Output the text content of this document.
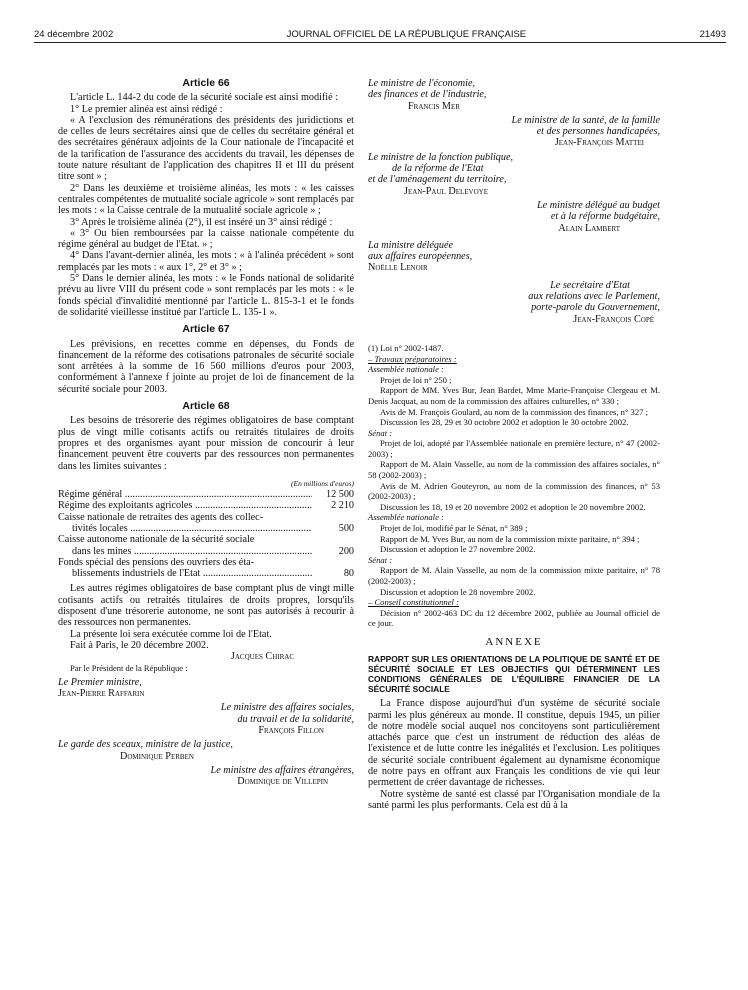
24 décembre 2002	JOURNAL OFFICIEL DE LA RÉPUBLIQUE FRANÇAISE	21493
Article 66

L'article L. 144-2 du code de la sécurité sociale est ainsi modifié :

1° Le premier alinéa est ainsi rédigé :

« A l'exclusion des rémunérations des présidents des juridictions et de celles de leurs secrétaires ainsi que de celles du secrétaire général et des secrétaires généraux adjoints de la Cour nationale de l'incapacité et de la tarification de l'assurance des accidents du travail, les dépenses de toute nature résultant de l'application des chapitres II et III du présent titre sont » ;

2° Dans les deuxième et troisième alinéas, les mots : « les caisses centrales compétentes de mutualité sociale agricole » sont remplacés par les mots : « la Caisse centrale de la mutualité sociale agricole » ;

3° Après le troisième alinéa (2°), il est inséré un 3° ainsi rédigé :

« 3° Ou bien remboursées par la caisse nationale compétente du régime général au budget de l'Etat. » ;

4° Dans l'avant-dernier alinéa, les mots : « à l'alinéa précédent » sont remplacés par les mots : « aux 1°, 2° et 3° » ;

5° Dans le dernier alinéa, les mots : « le Fonds national de solidarité prévu au livre VIII du présent code » sont remplacés par les mots : « le fonds spécial d'invalidité mentionné par l'article L. 815-3-1 et le fonds de solidarité vieillesse institué par l'article L. 135-1 ».

Article 67

Les prévisions, en recettes comme en dépenses, du Fonds de financement de la réforme des cotisations patronales de sécurité sociale sont arrêtées à la somme de 16 560 millions d'euros pour 2003, conformément à l'annexe f jointe au projet de loi de financement de la sécurité sociale pour 2003.

Article 68

Les besoins de trésorerie des régimes obligatoires de base comptant plus de vingt mille cotisants actifs ou retraités titulaires de droits propres et des organismes ayant pour mission de concourir à leur financement peuvent être couverts par des ressources non permanentes dans les limites suivantes :

(En millions d'euros)
Régime général .....	12 500
Régime des exploitants agricoles .....	2 210
Caisse nationale de retraites des agents des collec-
tivités locales .....	500
Caisse autonome nationale de la sécurité sociale
dans les mines .....	200
Fonds spécial des pensions des ouvriers des éta-
blissements industriels de l'Etat .....	80

Les autres régimes obligatoires de base comptant plus de vingt mille cotisants actifs ou retraités titulaires de droits propres, lorsqu'ils disposent d'une trésorerie autonome, ne sont pas autorisés à recourir à des ressources non permanentes.

La présente loi sera exécutée comme loi de l'Etat.

Fait à Paris, le 20 décembre 2002.

Jacques Chirac
Par le Président de la République :
Le Premier ministre,
Jean-Pierre Raffarin
Le ministre des affaires sociales,
du travail et de la solidarité,
François Fillon
Le garde des sceaux, ministre de la justice,
Dominique Perben
Le ministre des affaires étrangères,
Dominique de Villepin
Le ministre de l'économie,
des finances et de l'industrie,
Francis Mer
Le ministre de la santé, de la famille
et des personnes handicapées,
Jean-François Mattei
Le ministre de la fonction publique,
de la réforme de l'Etat
et de l'aménagement du territoire,
Jean-Paul Delevoye
Le ministre délégué au budget
et à la réforme budgétaire,
Alain Lambert
La ministre déléguée
aux affaires européennes,
Noëlle Lenoir
Le secrétaire d'Etat
aux relations avec le Parlement,
porte-parole du Gouvernement,
Jean-François Copé
(1) Loi n° 2002-1487.
– Travaux préparatoires :
Assemblée nationale :

Projet de loi n° 250 ;

Rapport de MM. Yves Bur, Jean Bardet, Mme Marie-Françoise Clergeau et M. Denis Jacquat, au nom de la commission des affaires culturelles, n° 330 ;

Avis de M. François Goulard, au nom de la commission des finances, n° 327 ;

Discussion les 28, 29 et 30 octobre 2002 et adoption le 30 octobre 2002.

Sénat :

Projet de loi, adopté par l'Assemblée nationale en première lecture, n° 47 (2002-2003) ;

Rapport de M. Alain Vasselle, au nom de la commission des affaires sociales, n° 58 (2002-2003) ;

Avis de M. Adrien Gouteyron, au nom de la commission des finances, n° 53 (2002-2003) ;

Discussion les 18, 19 et 20 novembre 2002 et adoption le 20 novembre 2002.

Assemblée nationale :

Projet de loi, modifié par le Sénat, n° 389 ;

Rapport de M. Yves Bur, au nom de la commission mixte paritaire, n° 394 ;

Discussion et adoption le 27 novembre 2002.

Sénat :

Rapport de M. Alain Vasselle, au nom de la commission mixte paritaire, n° 78 (2002-2003) ;

Discussion et adoption le 28 novembre 2002.

– Conseil constitutionnel :

Décision n° 2002-463 DC du 12 décembre 2002, publiée au Journal officiel de ce jour.

ANNEXE
RAPPORT SUR LES ORIENTATIONS DE LA POLITIQUE DE SANTÉ ET DE SÉCURITÉ SOCIALE ET LES OBJECTIFS QUI DÉTERMINENT LES CONDITIONS GÉNÉRALES DE L'ÉQUILIBRE FINANCIER DE LA SÉCURITÉ SOCIALE

La France dispose aujourd'hui d'un système de sécurité sociale parmi les plus généreux au monde. Il constitue, depuis 1945, un pilier de notre modèle social auquel nos concitoyens sont particulièrement attachés parce que c'est un instrument de réduction des aléas de l'existence et de lutte contre les inégalités et l'exclusion. Les politiques de sécurité sociale contribuent également au dynamisme économique de notre pays en offrant aux Français les conditions de vie qui leur permettent de créer davantage de richesses.

Notre système de santé est classé par l'Organisation mondiale de la santé parmi les plus performants. Cela est dû à la
